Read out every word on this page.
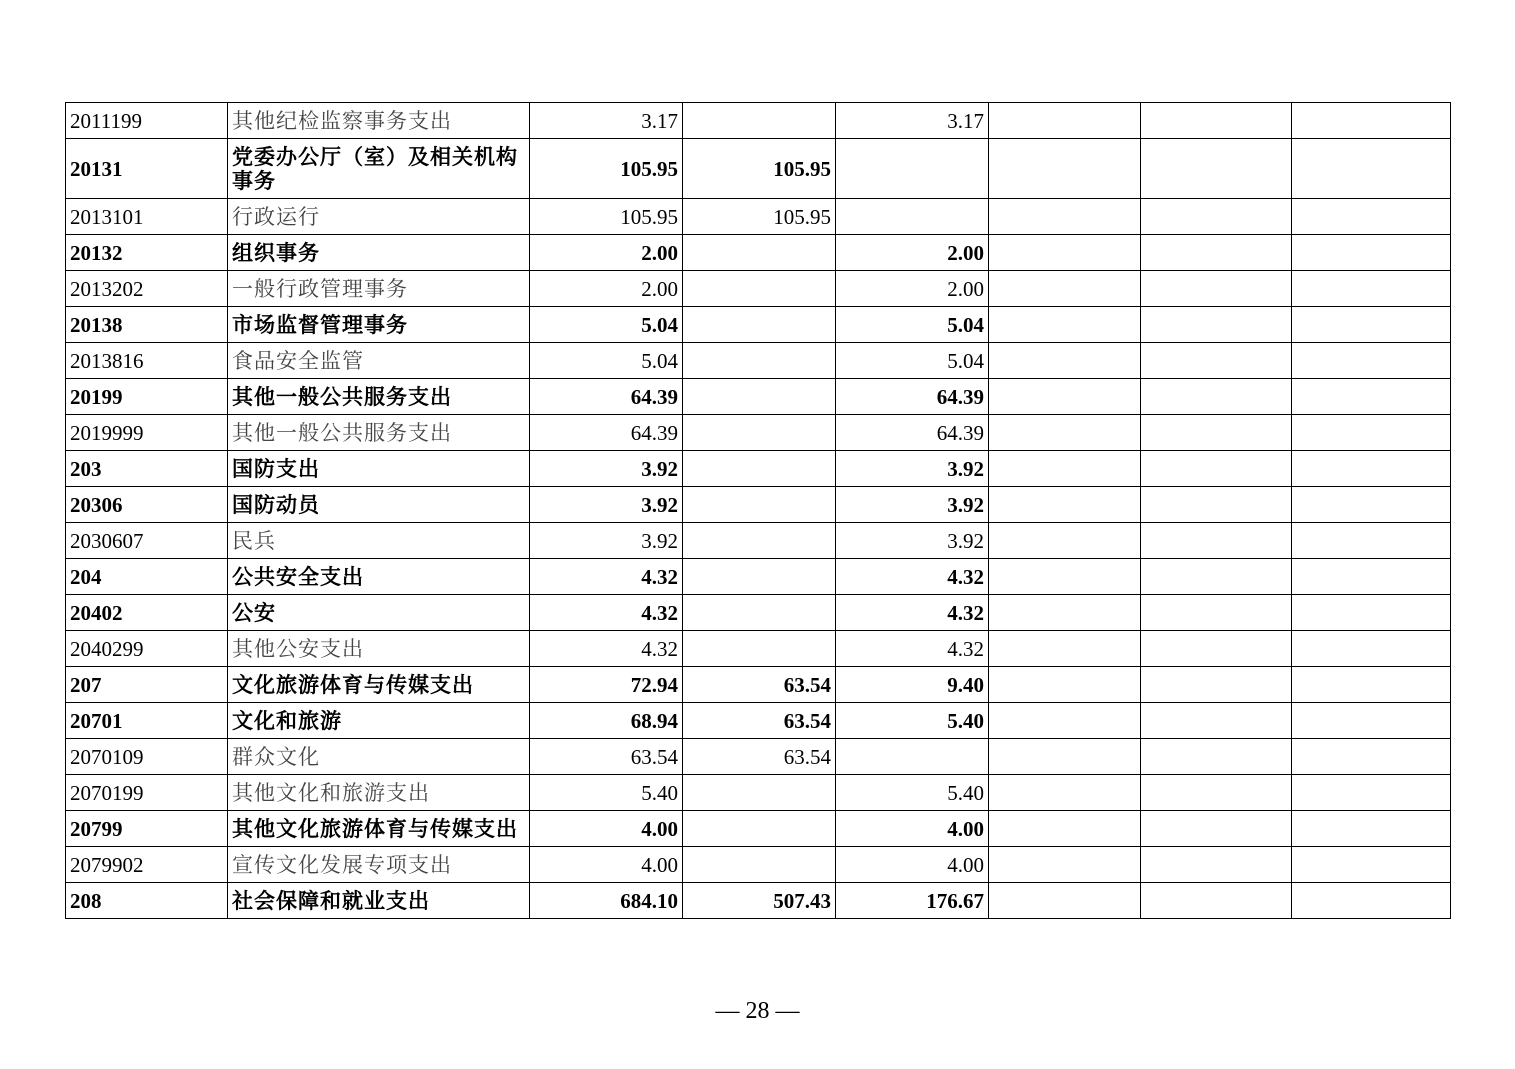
2011199	其他纪检监察事务支出	3.17		3.17			
20131	党委办公厅（室）及相关机构事务	105.95	105.95				
2013101	行政运行	105.95	105.95				
20132	组织事务	2.00		2.00			
2013202	一般行政管理事务	2.00		2.00			
20138	市场监督管理事务	5.04		5.04			
2013816	食品安全监管	5.04		5.04			
20199	其他一般公共服务支出	64.39		64.39			
2019999	其他一般公共服务支出	64.39		64.39			
203	国防支出	3.92		3.92			
20306	国防动员	3.92		3.92			
2030607	民兵	3.92		3.92			
204	公共安全支出	4.32		4.32			
20402	公安	4.32		4.32			
2040299	其他公安支出	4.32		4.32			
207	文化旅游体育与传媒支出	72.94	63.54	9.40			
20701	文化和旅游	68.94	63.54	5.40			
2070109	群众文化	63.54	63.54				
2070199	其他文化和旅游支出	5.40		5.40			
20799	其他文化旅游体育与传媒支出	4.00		4.00			
2079902	宣传文化发展专项支出	4.00		4.00			
208	社会保障和就业支出	684.10	507.43	176.67			
— 28 —
